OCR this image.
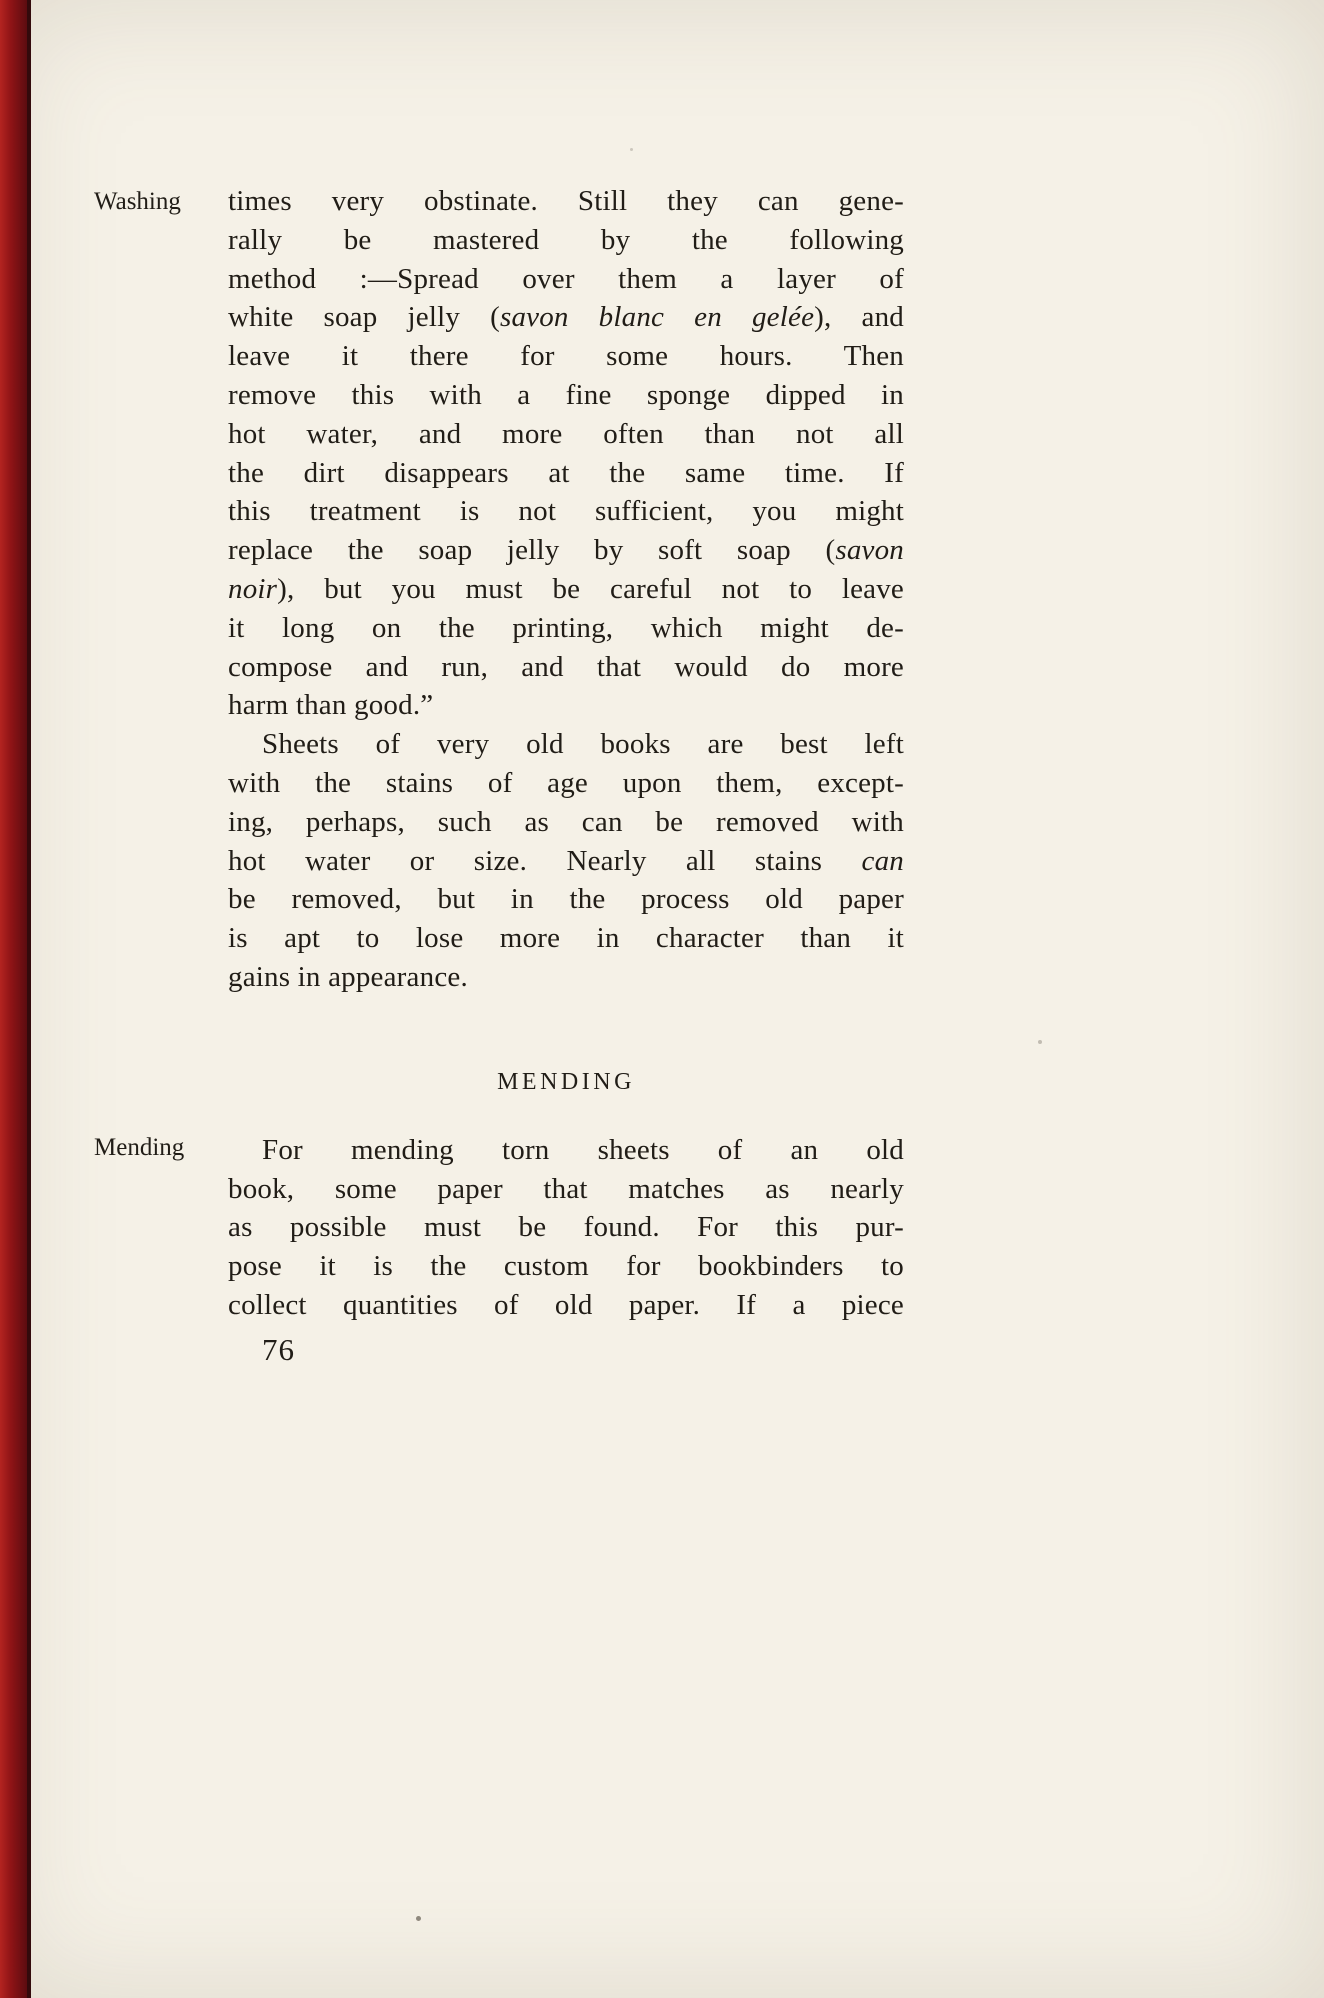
Washing
Mending
times very obstinate. Still they can gene-
rally be mastered by the following
method :—Spread over them a layer of
white soap jelly (savon blanc en gelée), and
leave it there for some hours. Then
remove this with a fine sponge dipped in
hot water, and more often than not all
the dirt disappears at the same time. If
this treatment is not sufficient, you might
replace the soap jelly by soft soap (savon
noir), but you must be careful not to leave
it long on the printing, which might de-
compose and run, and that would do more
harm than good.”
Sheets of very old books are best left
with the stains of age upon them, except-
ing, perhaps, such as can be removed with
hot water or size. Nearly all stains can
be removed, but in the process old paper
is apt to lose more in character than it
gains in appearance.
MENDING
For mending torn sheets of an old
book, some paper that matches as nearly
as possible must be found. For this pur-
pose it is the custom for bookbinders to
collect quantities of old paper. If a piece
76
